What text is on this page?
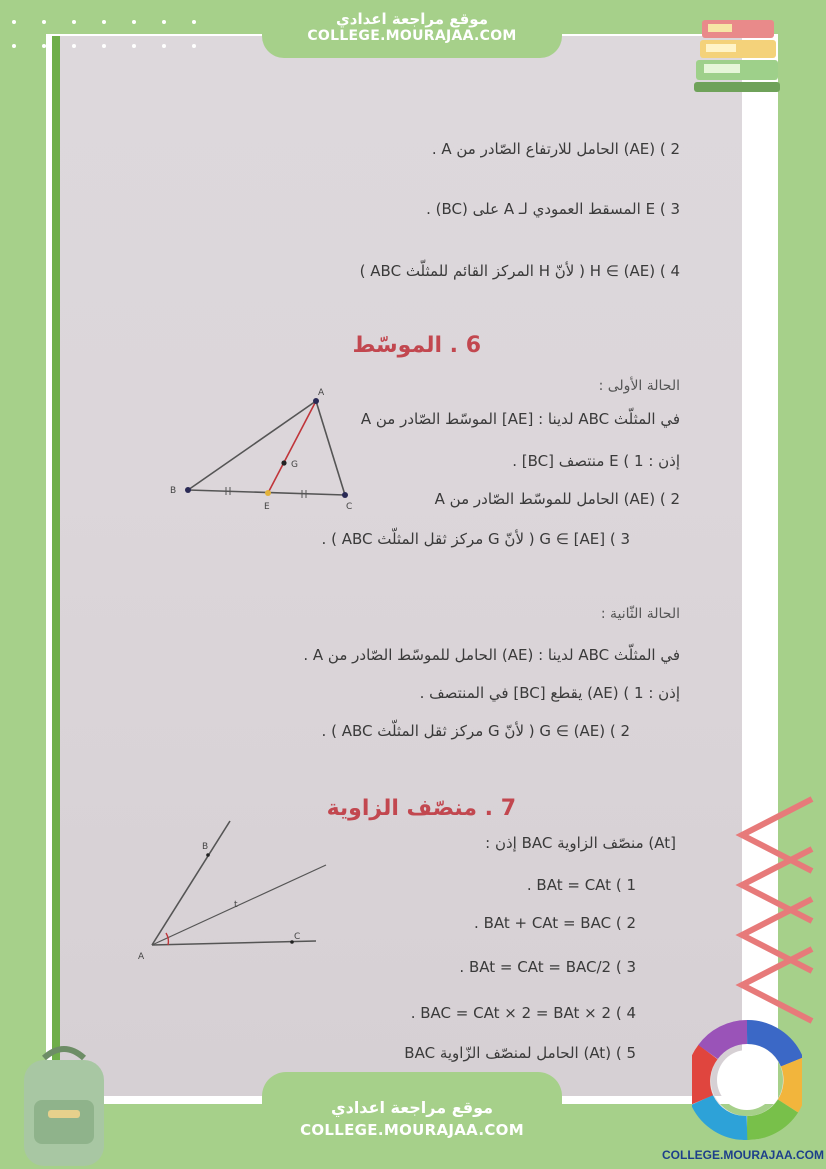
موقع مراجعة اعدادي
COLLEGE.MOURAJAA.COM
2 ) (AE) الحامل للارتفاع الصّادر من A .
3 ) E المسقط العمودي لـ A على (BC) .
4 ) H ∈ (AE) ( لأنّ H المركز القائم للمثلّث ABC )
6 . الموسّط
الحالة الأولى :
في المثلّث ABC لدينا : [AE] الموسّط الصّادر من A
إذن : 1 ) E منتصف [BC] .
2 ) (AE) الحامل للموسّط الصّادر من A
3 ) G ∈ [AE] ( لأنّ G مركز ثقل المثلّث ABC ) .
A
B
C
E
G
الحالة الثّانية :
في المثلّث ABC لدينا : (AE) الحامل للموسّط الصّادر من A .
إذن : 1 ) (AE) يقطع [BC] في المنتصف .
2 ) G ∈ (AE) ( لأنّ G مركز ثقل المثلّث ABC ) .
7 . منصّف الزاوية
[At) منصّف الزاوية BAC إذن :
1 ) BAt = CAt .
2 ) BAt + CAt = BAC .
3 ) BAt = CAt = BAC/2 .
4 ) BAC = CAt × 2 = BAt × 2 .
5 ) (At) الحامل لمنصّف الزّاوية BAC
A
B
C
t
موقع مراجعة اعدادي
COLLEGE.MOURAJAA.COM
COLLEGE.MOURAJAA.COM
